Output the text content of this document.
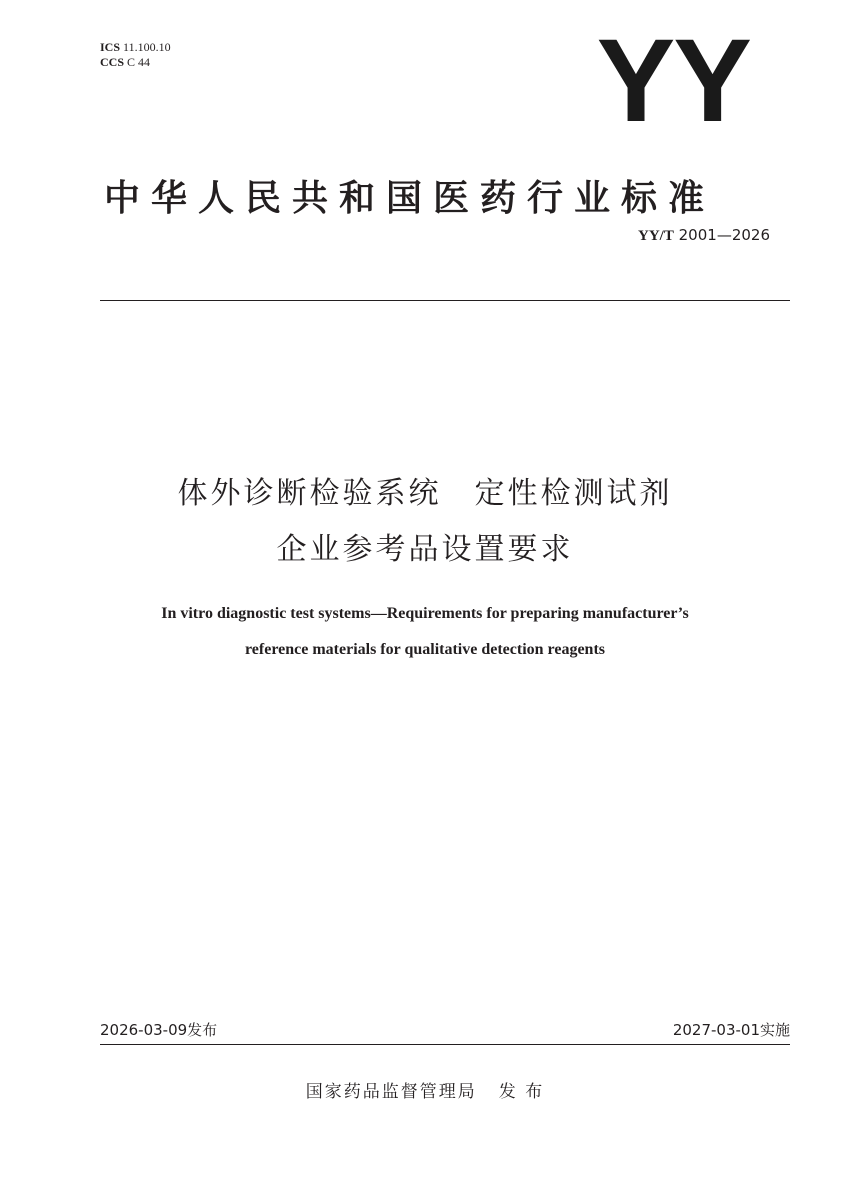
ICS 11.100.10
CCS C 44	YY
中华人民共和国医药行业标准
YY/T 2001—2026
体外诊断检验系统　定性检测试剂
企业参考品设置要求
In vitro diagnostic test systems—Requirements for preparing manufacturer’s
reference materials for qualitative detection reagents
2026-03-09发布	2027-03-01实施
国家药品监督管理局 发 布
